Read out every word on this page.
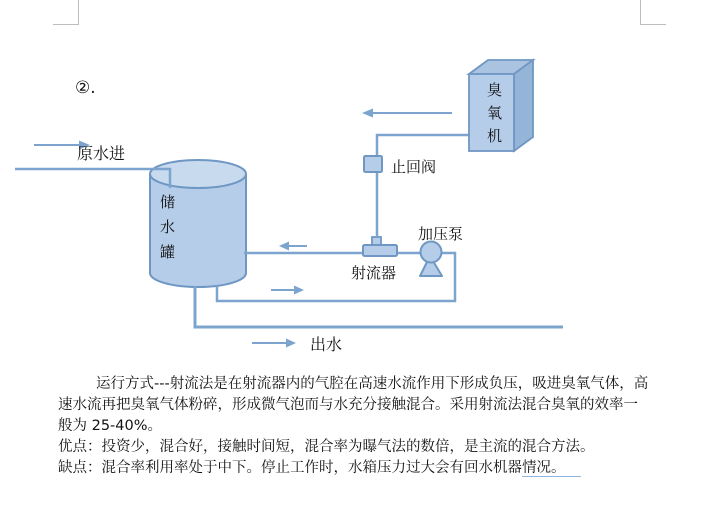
②.
原水进
储水罐
臭氧机
止回阀
加压泵
射流器
出水
运行方式---射流法是在射流器内的气腔在高速水流作用下形成负压，吸进臭氧气体，高
速水流再把臭氧气体粉碎，形成微气泡而与水充分接触混合。采用射流法混合臭氧的效率一
般为 25-40%。
优点：投资少，混合好，接触时间短，混合率为曝气法的数倍，是主流的混合方法。
缺点：混合率利用率处于中下。停止工作时，水箱压力过大会有回水机器情况。
